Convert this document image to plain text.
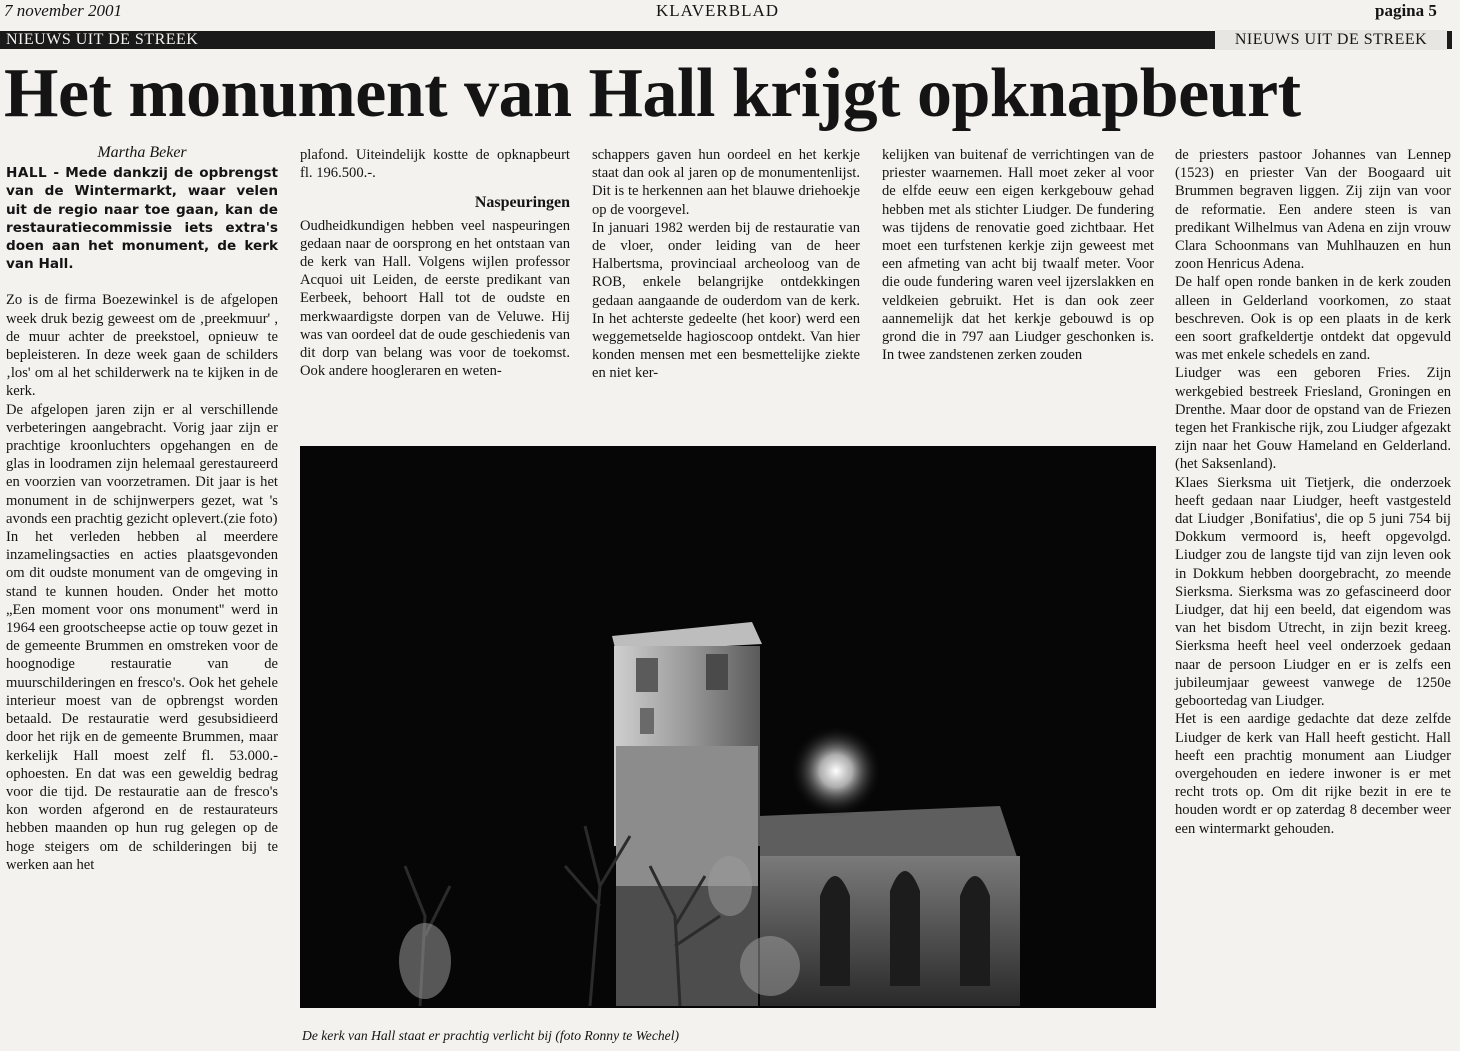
7 november 2001	KLAVERBLAD	pagina 5
NIEUWS UIT DE STREEK	NIEUWS UIT DE STREEK
Het monument van Hall krijgt opknapbeurt

Martha Beker

HALL - Mede dankzij de opbrengst van de Wintermarkt, waar velen uit de regio naar toe gaan, kan de restauratiecommissie iets extra's doen aan het monument, de kerk van Hall.

Zo is de firma Boezewinkel is de afgelopen week druk bezig geweest om de ‚preekmuur' , de muur achter de preekstoel, opnieuw te bepleisteren. In deze week gaan de schilders ‚los' om al het schilderwerk na te kijken in de kerk.

De afgelopen jaren zijn er al verschillende verbeteringen aangebracht. Vorig jaar zijn er prachtige kroonluchters opgehangen en de glas in loodramen zijn helemaal gerestaureerd en voorzien van voorzetramen. Dit jaar is het monument in de schijnwerpers gezet, wat 's avonds een prachtig gezicht oplevert.(zie foto)

In het verleden hebben al meerdere inzamelingsacties en acties plaatsgevonden om dit oudste monument van de omgeving in stand te kunnen houden. Onder het motto „Een moment voor ons monument'' werd in 1964 een grootscheepse actie op touw gezet in de gemeente Brummen en omstreken voor de hoognodige restauratie van de muurschilderingen en fresco's. Ook het gehele interieur moest van de opbrengst worden betaald. De restauratie werd gesubsidieerd door het rijk en de gemeente Brummen, maar kerkelijk Hall moest zelf fl. 53.000.- ophoesten. En dat was een geweldig bedrag voor die tijd. De restauratie aan de fresco's kon worden afgerond en de restaurateurs hebben maanden op hun rug gelegen op de hoge steigers om de schilderingen bij te werken aan het

plafond. Uiteindelijk kostte de opknapbeurt fl. 196.500.-.

Naspeuringen

Oudheidkundigen hebben veel naspeuringen gedaan naar de oorsprong en het ontstaan van de kerk van Hall. Volgens wijlen professor Acquoi uit Leiden, de eerste predikant van Eerbeek, behoort Hall tot de oudste en merkwaardigste dorpen van de Veluwe. Hij was van oordeel dat de oude geschiedenis van dit dorp van belang was voor de toekomst. Ook andere hoogleraren en weten-

schappers gaven hun oordeel en het kerkje staat dan ook al jaren op de monumentenlijst. Dit is te herkennen aan het blauwe driehoekje op de voorgevel.

In januari 1982 werden bij de restauratie van de vloer, onder leiding van de heer Halbertsma, provinciaal archeoloog van de ROB, enkele belangrijke ontdekkingen gedaan aangaande de ouderdom van de kerk. In het achterste gedeelte (het koor) werd een weggemetselde hagioscoop ontdekt. Van hier konden mensen met een besmettelijke ziekte en niet ker-

kelijken van buitenaf de verrichtingen van de priester waarnemen. Hall moet zeker al voor de elfde eeuw een eigen kerkgebouw gehad hebben met als stichter Liudger. De fundering was tijdens de renovatie goed zichtbaar. Het moet een turfstenen kerkje zijn geweest met een afmeting van acht bij twaalf meter. Voor die oude fundering waren veel ijzerslakken en veldkeien gebruikt. Het is dan ook zeer aannemelijk dat het kerkje gebouwd is op grond die in 797 aan Liudger geschonken is. In twee zandstenen zerken zouden

de priesters pastoor Johannes van Lennep (1523) en priester Van der Boogaard uit Brummen begraven liggen. Zij zijn van voor de reformatie. Een andere steen is van predikant Wilhelmus van Adena en zijn vrouw Clara Schoonmans van Muhlhauzen en hun zoon Henricus Adena.

De half open ronde banken in de kerk zouden alleen in Gelderland voorkomen, zo staat beschreven. Ook is op een plaats in de kerk een soort grafkeldertje ontdekt dat opgevuld was met enkele schedels en zand.

Liudger was een geboren Fries. Zijn werkgebied bestreek Friesland, Groningen en Drenthe. Maar door de opstand van de Friezen tegen het Frankische rijk, zou Liudger afgezakt zijn naar het Gouw Hameland en Gelderland. (het Saksenland).

Klaes Sierksma uit Tietjerk, die onderzoek heeft gedaan naar Liudger, heeft vastgesteld dat Liudger ‚Bonifatius', die op 5 juni 754 bij Dokkum vermoord is, heeft opgevolgd. Liudger zou de langste tijd van zijn leven ook in Dokkum hebben doorgebracht, zo meende Sierksma. Sierksma was zo gefascineerd door Liudger, dat hij een beeld, dat eigendom was van het bisdom Utrecht, in zijn bezit kreeg. Sierksma heeft heel veel onderzoek gedaan naar de persoon Liudger en er is zelfs een jubileumjaar geweest vanwege de 1250e geboortedag van Liudger.

Het is een aardige gedachte dat deze zelfde Liudger de kerk van Hall heeft gesticht. Hall heeft een prachtig monument aan Liudger overgehouden en iedere inwoner is er met recht trots op. Om dit rijke bezit in ere te houden wordt er op zaterdag 8 december weer een wintermarkt gehouden.

De kerk van Hall staat er prachtig verlicht bij (foto Ronny te Wechel)
